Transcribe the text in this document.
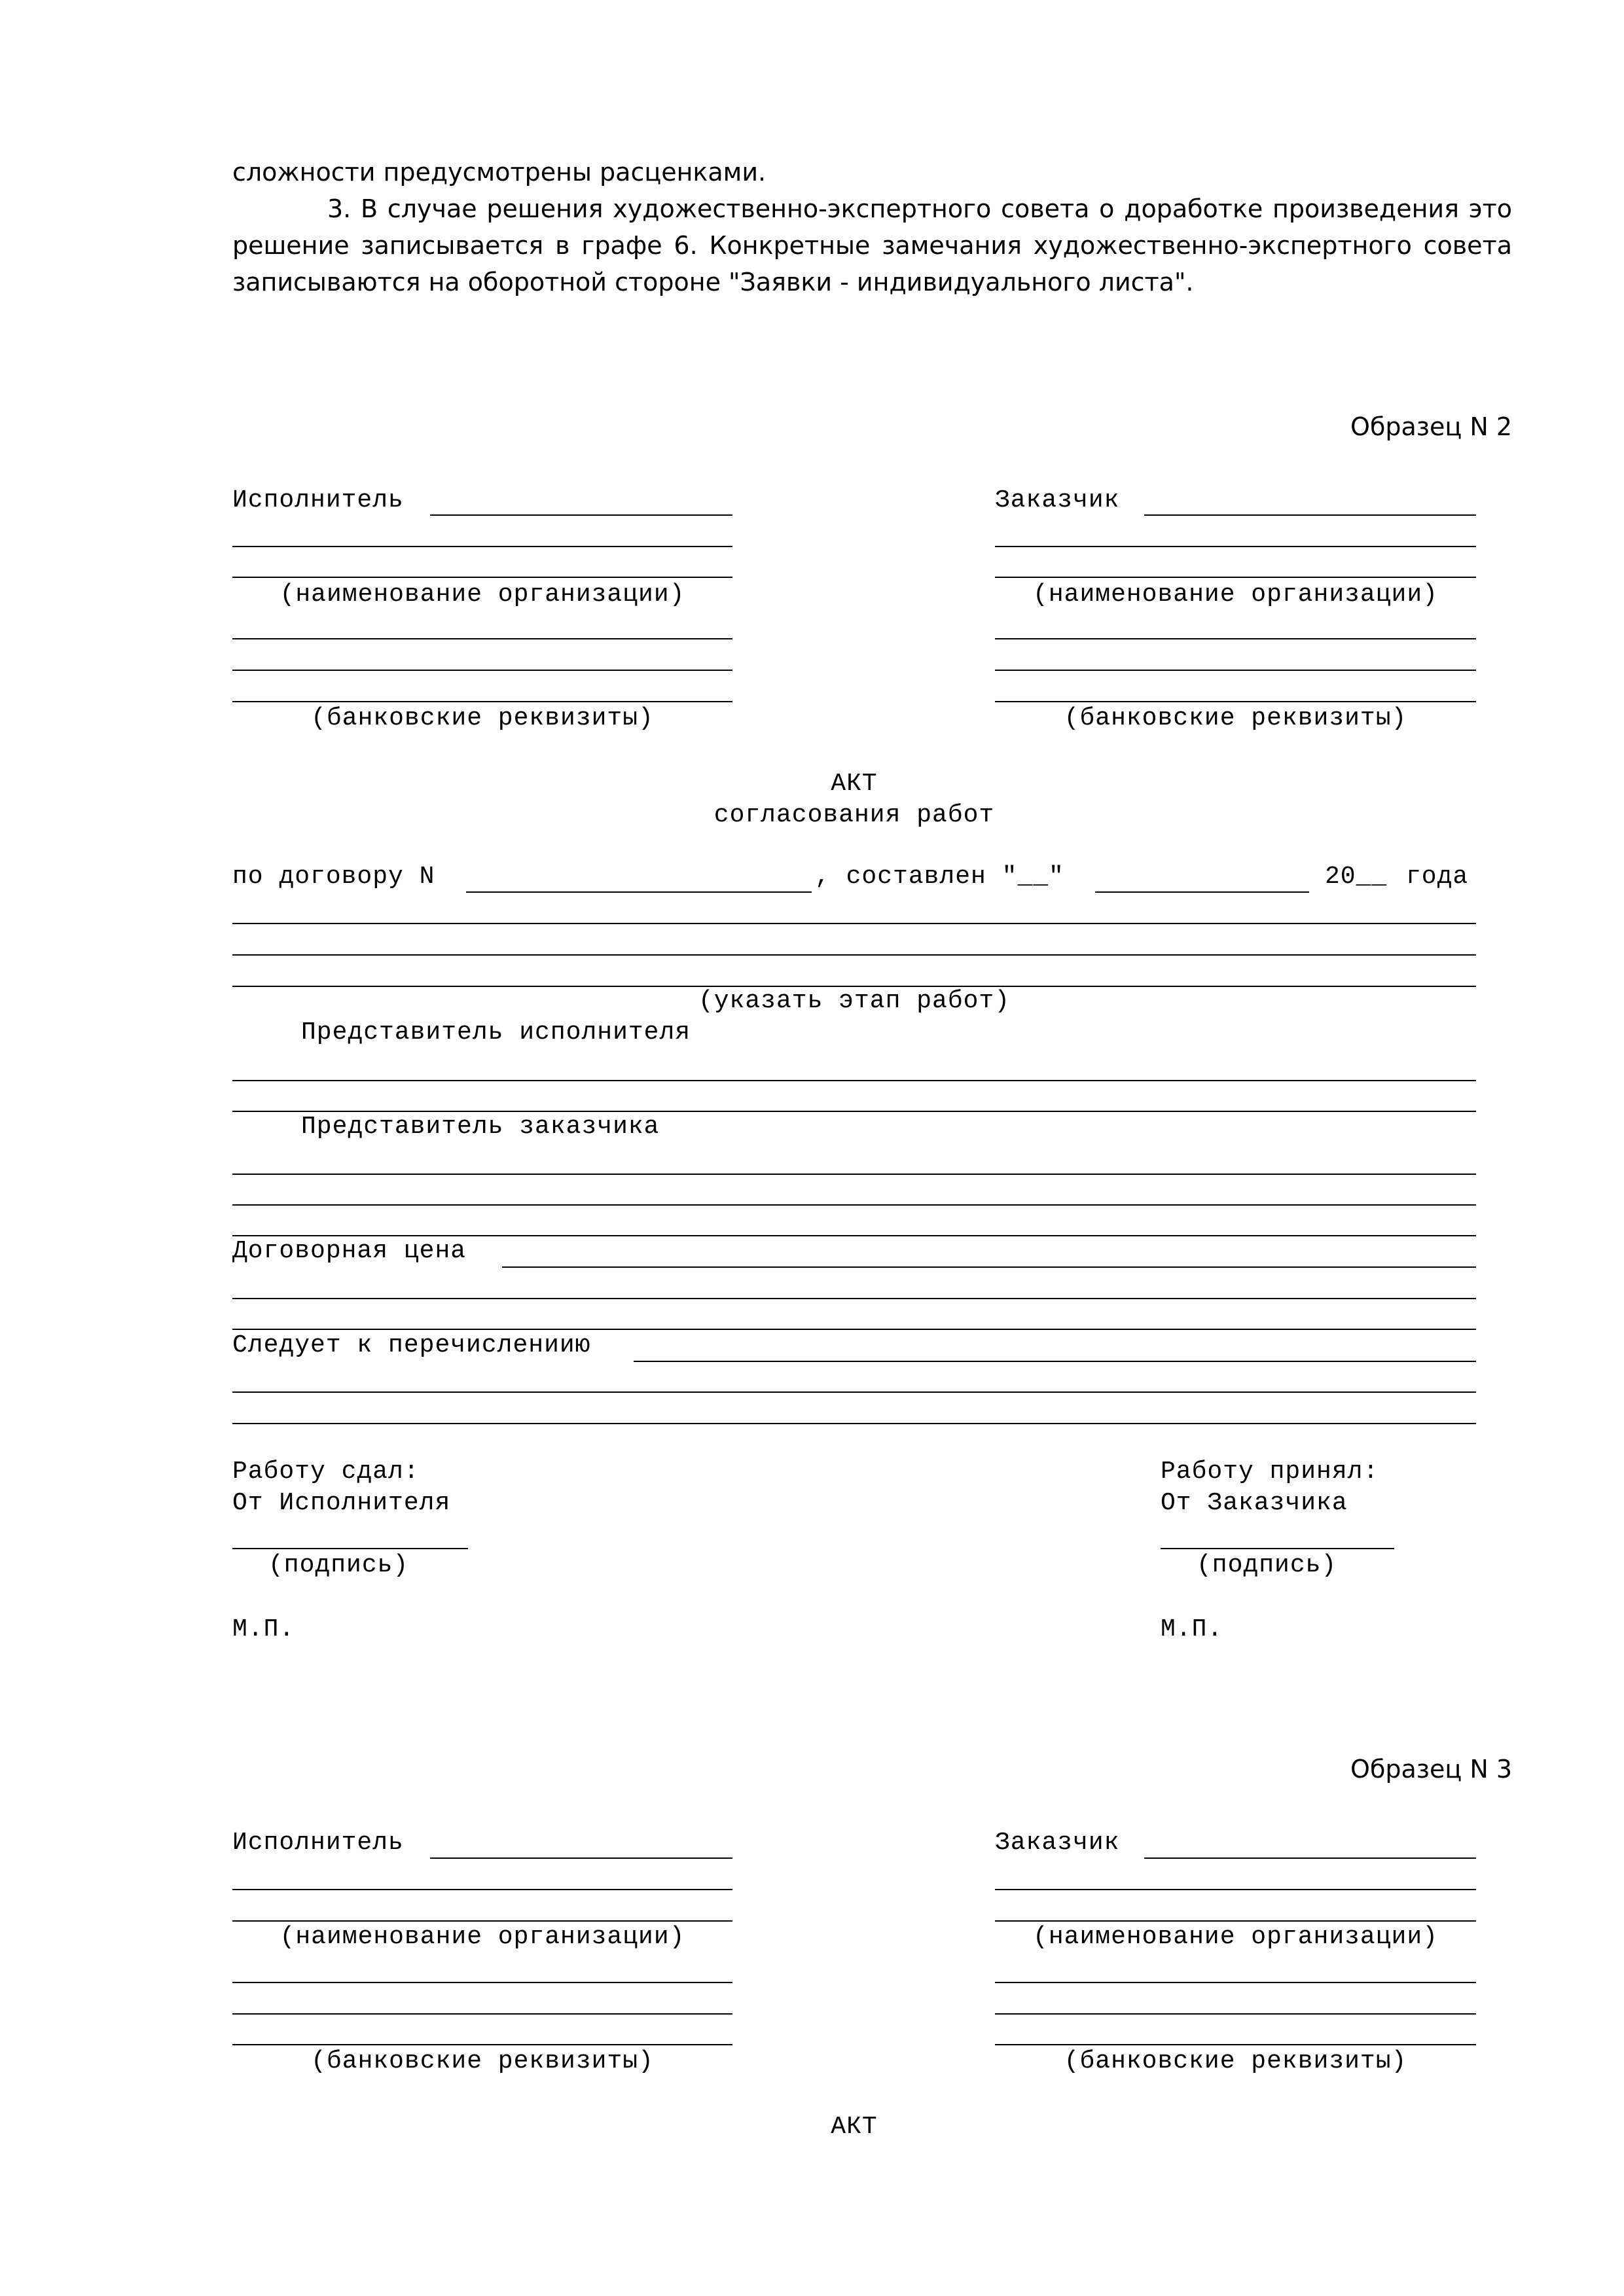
сложности предусмотрены расценками.

3. В случае решения художественно-экспертного совета о доработке произведения это решение записывается в графе 6. Конкретные замечания художественно-экспертного совета записываются на оборотной стороне "Заявки - индивидуального листа".

Образец N 2
Исполнитель
(наименование организации)
(банковские реквизиты)
Заказчик
(наименование организации)
(банковские реквизиты)
АКТ
согласования работ
по договору N	, составлен "__"	20__ года
(указать этап работ)
Представитель исполнителя
Представитель заказчика
Договорная цена
Следует к перечислениию
Работу сдал:
От Исполнителя
(подпись)
М.П.
Работу принял:
От Заказчика
(подпись)
М.П.
Образец N 3
Исполнитель
(наименование организации)
(банковские реквизиты)
Заказчик
(наименование организации)
(банковские реквизиты)
АКТ
